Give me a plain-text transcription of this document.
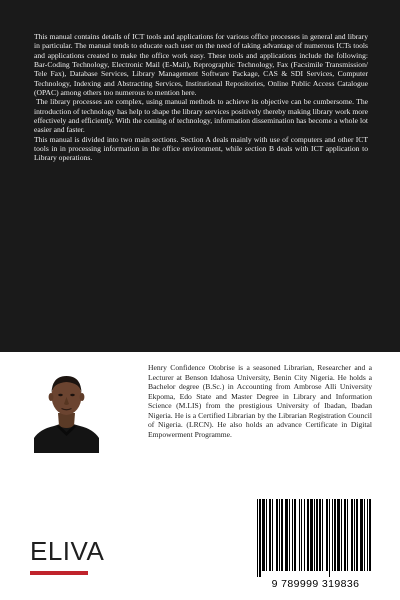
This manual contains details of ICT tools and applications for various office processes in general and library in particular. The manual tends to educate each user on the need of taking advantage of numerous ICTs tools and applications created to make the office work easy. These tools and applications include the following: Bar-Coding Technology, Electronic Mail (E-Mail), Reprographic Technology, Fax (Facsimile Transmission/ Tele Fax), Database Services, Library Management Software Package, CAS & SDI Services, Computer Technology, Indexing and Abstracting Services, Institutional Repositories, Online Public Access Catalogue (OPAC) among others too numerous to mention here.

The library processes are complex, using manual methods to achieve its objective can be cumbersome. The introduction of technology has help to shape the library services positively thereby making library work more effectively and efficiently. With the coming of technology, information dissemination has become a whole lot easier and faster.

This manual is divided into two main sections. Section A deals mainly with use of computers and other ICT tools in in processing information in the office environment, while section B deals with ICT application to Library operations.

Henry Confidence Otobrise is a seasoned Librarian, Researcher and a Lecturer at Benson Idahosa University, Benin City Nigeria. He holds a Bachelor degree (B.Sc.) in Accounting from Ambrose Alli University Ekpoma, Edo State and Master Degree in Library and Information Science (M.LIS) from the prestigious University of Ibadan, Ibadan Nigeria. He is a Certified Librarian by the Librarian Registration Council of Nigeria. (LRCN). He also holds an advance Certificate in Digital Empowerment Programme.

ELIVA
9 789999 319836
